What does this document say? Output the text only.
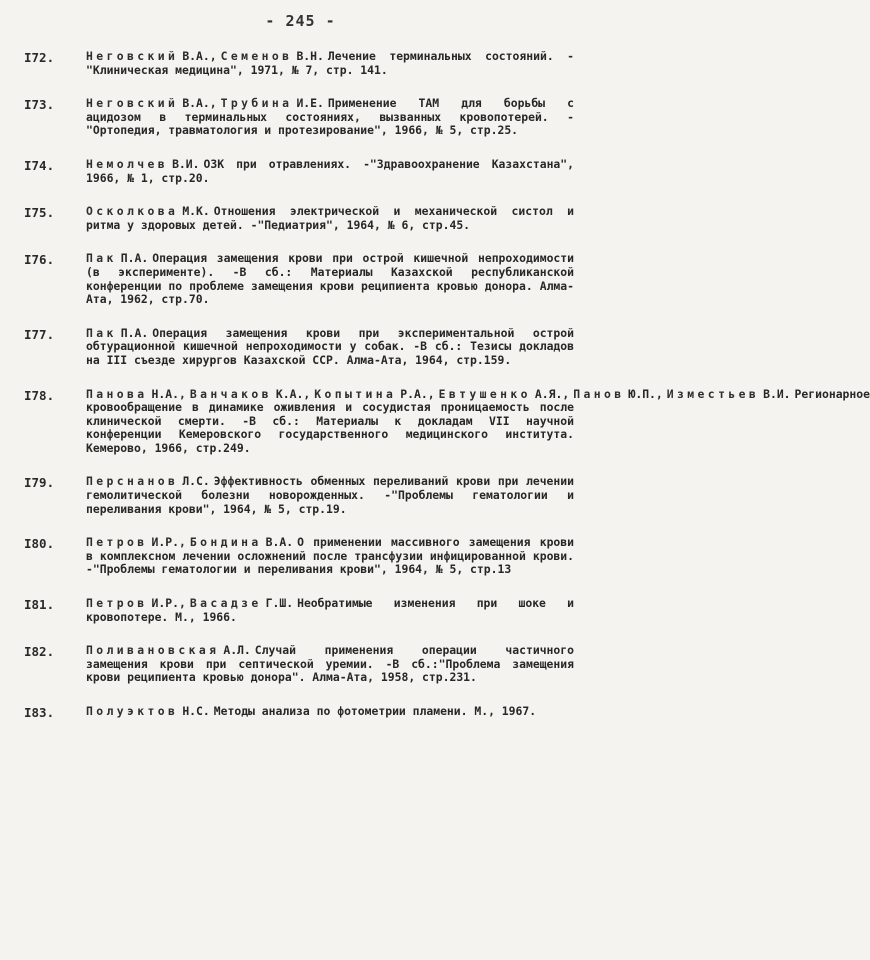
- 245 -
I72.	Неговский В.А., Семенов В.Н. Лечение терминальных состояний. -"Клиническая медицина", 1971, № 7, стр. 141.
I73.	Неговский В.А., Трубина И.Е. Применение ТАМ для борьбы с ацидозом в терминальных состояниях, вызванных кровопотерей. -"Ортопедия, травматология и протезирование", 1966, № 5, стр.25.
I74.	Немолчев В.И. ОЗК при отравлениях. -"Здравоохранение Казахстана", 1966, № 1, стр.20.
I75.	Осколкова М.К. Отношения электрической и механической систол и ритма у здоровых детей. -"Педиатрия", 1964, № 6, стр.45.
I76.	Пак П.А. Операция замещения крови при острой кишечной непроходимости (в эксперименте). -В сб.: Материалы Казахской республиканской конференции по проблеме замещения крови реципиента кровью донора. Алма-Ата, 1962, стр.70.
I77.	Пак П.А. Операция замещения крови при экспериментальной острой обтурационной кишечной непроходимости у собак. -В сб.: Тезисы докладов на III съезде хирургов Казахской ССР. Алма-Ата, 1964, стр.159.
I78.	Панова Н.А., Ванчаков К.А., Копытина Р.А., Евтушенко А.Я., Панов Ю.П., Изместьев В.И. Регионарное кровообращение в динамике оживления и сосудистая проницаемость после клинической смерти. -В сб.: Материалы к докладам VII научной конференции Кемеровского государственного медицинского института. Кемерово, 1966, стр.249.
I79.	Перснанов Л.С. Эффективность обменных переливаний крови при лечении гемолитической болезни новорожденных. -"Проблемы гематологии и переливания крови", 1964, № 5, стр.19.
I80.	Петров И.Р., Бондина В.А. О применении массивного замещения крови в комплексном лечении осложнений после трансфузии инфицированной крови. -"Проблемы гематологии и переливания крови", 1964, № 5, стр.13
I81.	Петров И.Р., Васадзе Г.Ш. Необратимые изменения при шоке и кровопотере. М., 1966.
I82.	Поливановская А.Л. Случай применения операции частичного замещения крови при септической уремии. -В сб.:"Проблема замещения крови реципиента кровью донора". Алма-Ата, 1958, стр.231.
I83.	Полуэктов Н.С. Методы анализа по фотометрии пламени. М., 1967.
